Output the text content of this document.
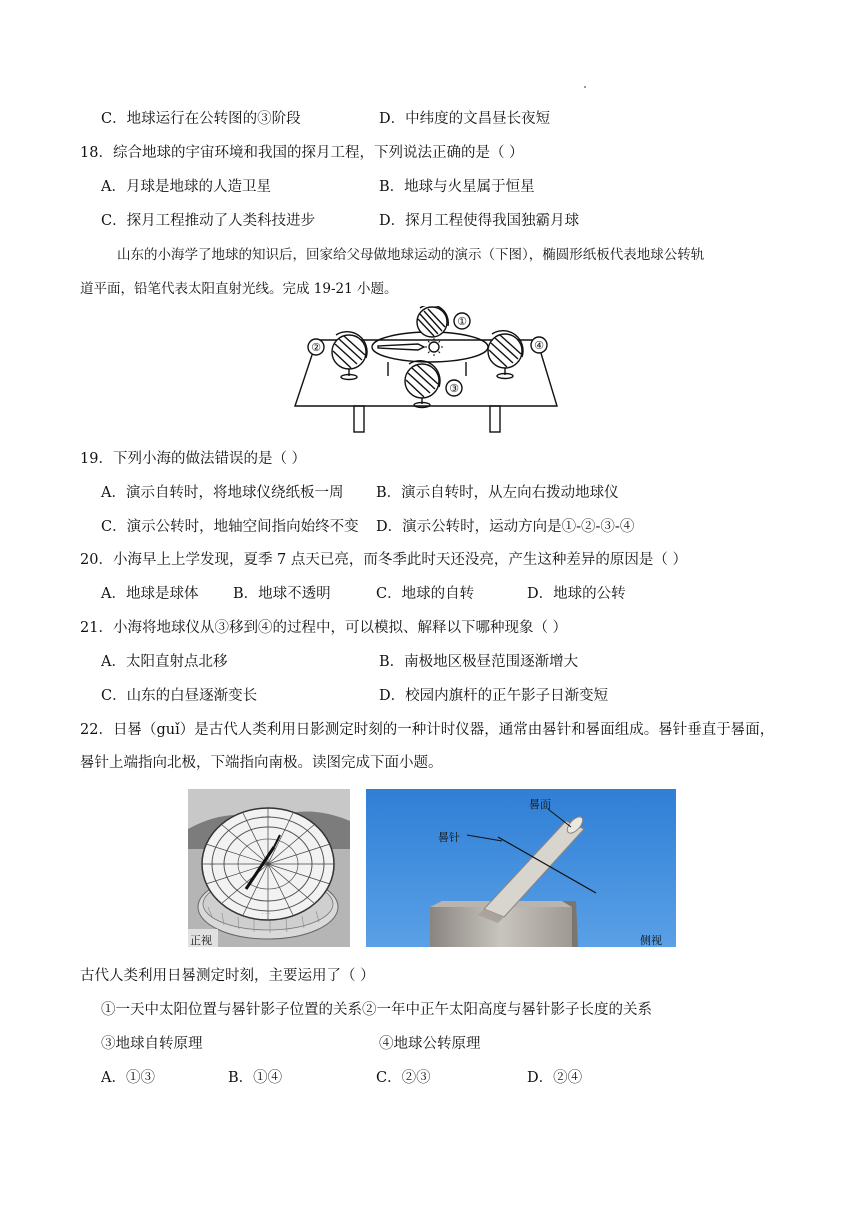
C．地球运行在公转图的③阶段	D．中纬度的文昌昼长夜短
18．综合地球的宇宙环境和我国的探月工程，下列说法正确的是（ ）
A．月球是地球的人造卫星	B．地球与火星属于恒星
C．探月工程推动了人类科技进步	D．探月工程使得我国独霸月球
山东的小海学了地球的知识后，回家给父母做地球运动的演示（下图），椭圆形纸板代表地球公转轨
道平面，铅笔代表太阳直射光线。完成 19-21 小题。
①
②
③
④
19．下列小海的做法错误的是（ ）
A．演示自转时，将地球仪绕纸板一周 B．演示自转时，从左向右拨动地球仪
C．演示公转时，地轴空间指向始终不变 D．演示公转时，运动方向是①-②-③-④
20．小海早上上学发现，夏季 7 点天已亮，而冬季此时天还没亮，产生这种差异的原因是（ ）
A．地球是球体 B．地球不透明	C．地球的自转	D．地球的公转
21．小海将地球仪从③移到④的过程中，可以模拟、解释以下哪种现象（ ）
A．太阳直射点北移	B．南极地区极昼范围逐渐增大
C．山东的白昼逐渐变长	D．校园内旗杆的正午影子日渐变短
22．日晷（guǐ）是古代人类利用日影测定时刻的一种计时仪器，通常由晷针和晷面组成。晷针垂直于晷面，
晷针上端指向北极，下端指向南极。读图完成下面小题。
· · ·
· · ·
· ·	· ·
正视
晷面
晷针
侧视
古代人类利用日晷测定时刻，主要运用了（ ）
①一天中太阳位置与晷针影子位置的关系②一年中正午太阳高度与晷针影子长度的关系
③地球自转原理	④地球公转原理
A．①③	B．①④	C．②③	D．②④
